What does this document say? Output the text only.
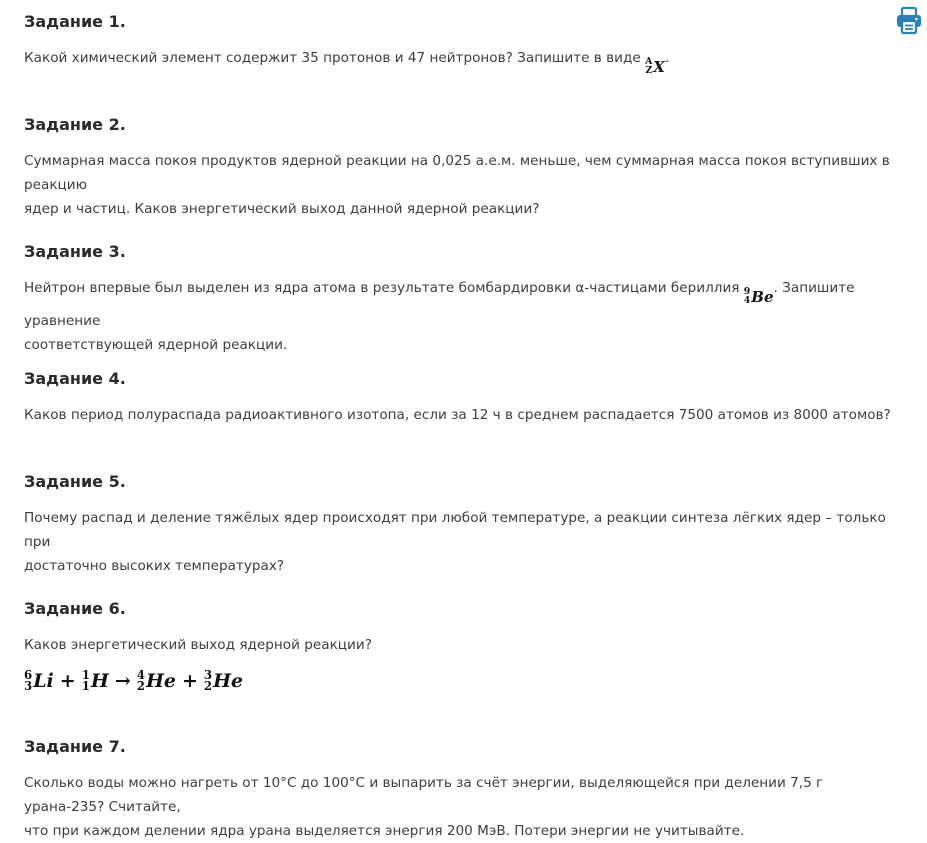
Задание 1.

Какой химический элемент содержит 35 протонов и 47 нейтронов? Запишите в виде A
Z X .

Задание 2.

Суммарная масса покоя продуктов ядерной реакции на 0,025 а.е.м. меньше, чем суммарная масса покоя вступивших в реакцию
ядер и частиц. Каков энергетический выход данной ядерной реакции?

Задание 3.

Нейтрон впервые был выделен из ядра атома в результате бомбардировки α-частицами бериллия 9
4 Be . Запишите уравнение
соответствующей ядерной реакции.

Задание 4.

Каков период полураспада радиоактивного изотопа, если за 12 ч в среднем распадается 7500 атомов из 8000 атомов?

Задание 5.

Почему распад и деление тяжёлых ядер происходят при любой температуре, а реакции синтеза лёгких ядер – только при
достаточно высоких температурах?

Задание 6.

Каков энергетический выход ядерной реакции?

6
3 Li + 1
1 H → 4
2 He + 3
2 He

Задание 7.

Сколько воды можно нагреть от 10°С до 100°С и выпарить за счёт энергии, выделяющейся при делении 7,5 г урана-235? Считайте,
что при каждом делении ядра урана выделяется энергия 200 МэВ. Потери энергии не учитывайте.
